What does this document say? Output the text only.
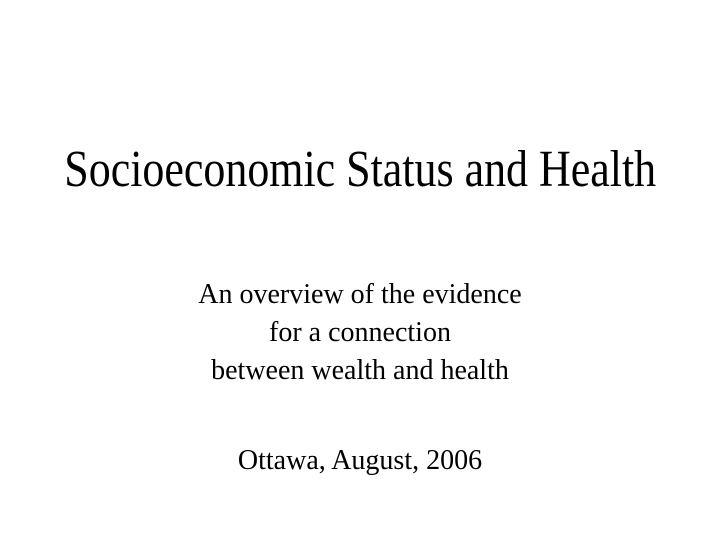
Socioeconomic Status and Health
An overview of the evidence
for a connection
between wealth and health
Ottawa, August, 2006
